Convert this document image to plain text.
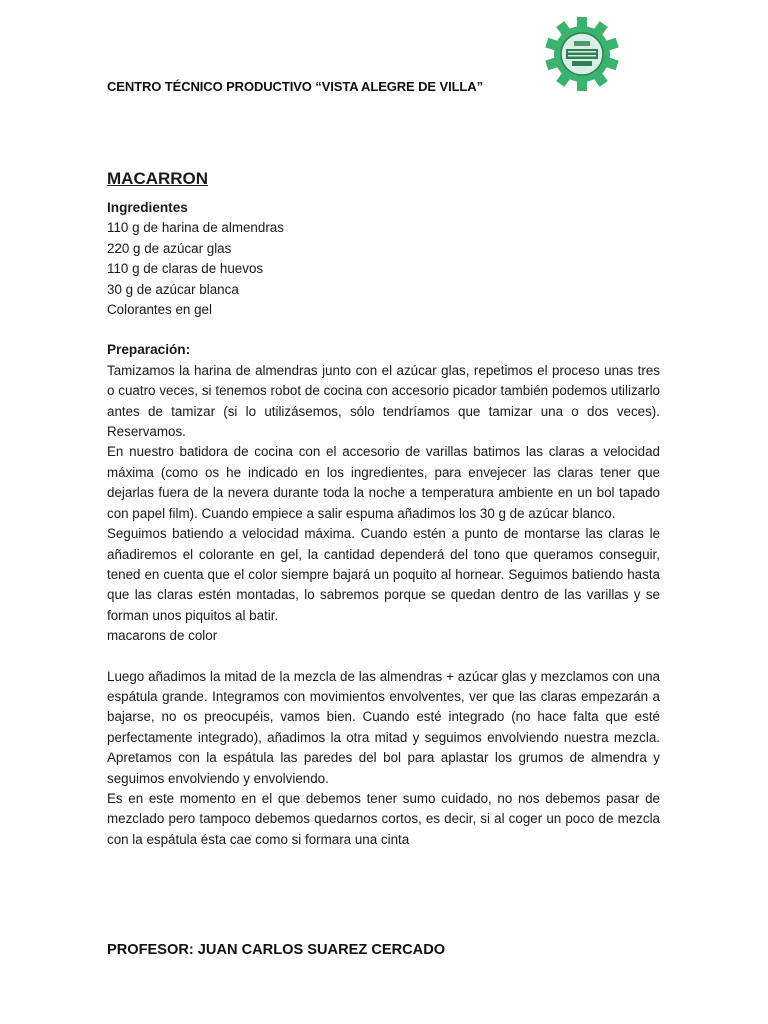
CENTRO TÉCNICO PRODUCTIVO “VISTA ALEGRE DE VILLA”
MACARRON
Ingredientes
110 g de harina de almendras
220 g de azúcar glas
110 g de claras de huevos
30 g de azúcar blanca
Colorantes en gel
Preparación:

Tamizamos la harina de almendras junto con el azúcar glas, repetimos el proceso unas tres o cuatro veces, si tenemos robot de cocina con accesorio picador también podemos utilizarlo antes de tamizar (si lo utilizásemos, sólo tendríamos que tamizar una o dos veces). Reservamos.

En nuestro batidora de cocina con el accesorio de varillas batimos las claras a velocidad máxima (como os he indicado en los ingredientes, para envejecer las claras tener que dejarlas fuera de la nevera durante toda la noche a temperatura ambiente en un bol tapado con papel film). Cuando empiece a salir espuma añadimos los 30 g de azúcar blanco.

Seguimos batiendo a velocidad máxima. Cuando estén a punto de montarse las claras le añadiremos el colorante en gel, la cantidad dependerá del tono que queramos conseguir, tened en cuenta que el color siempre bajará un poquito al hornear. Seguimos batiendo hasta que las claras estén montadas, lo sabremos porque se quedan dentro de las varillas y se forman unos piquitos al batir.

macarons de color

Luego añadimos la mitad de la mezcla de las almendras + azúcar glas y mezclamos con una espátula grande. Integramos con movimientos envolventes, ver que las claras empezarán a bajarse, no os preocupéis, vamos bien. Cuando esté integrado (no hace falta que esté perfectamente integrado), añadimos la otra mitad y seguimos envolviendo nuestra mezcla. Apretamos con la espátula las paredes del bol para aplastar los grumos de almendra y seguimos envolviendo y envolviendo.

Es en este momento en el que debemos tener sumo cuidado, no nos debemos pasar de mezclado pero tampoco debemos quedarnos cortos, es decir, si al coger un poco de mezcla con la espátula ésta cae como si formara una cinta

PROFESOR: JUAN CARLOS SUAREZ CERCADO
